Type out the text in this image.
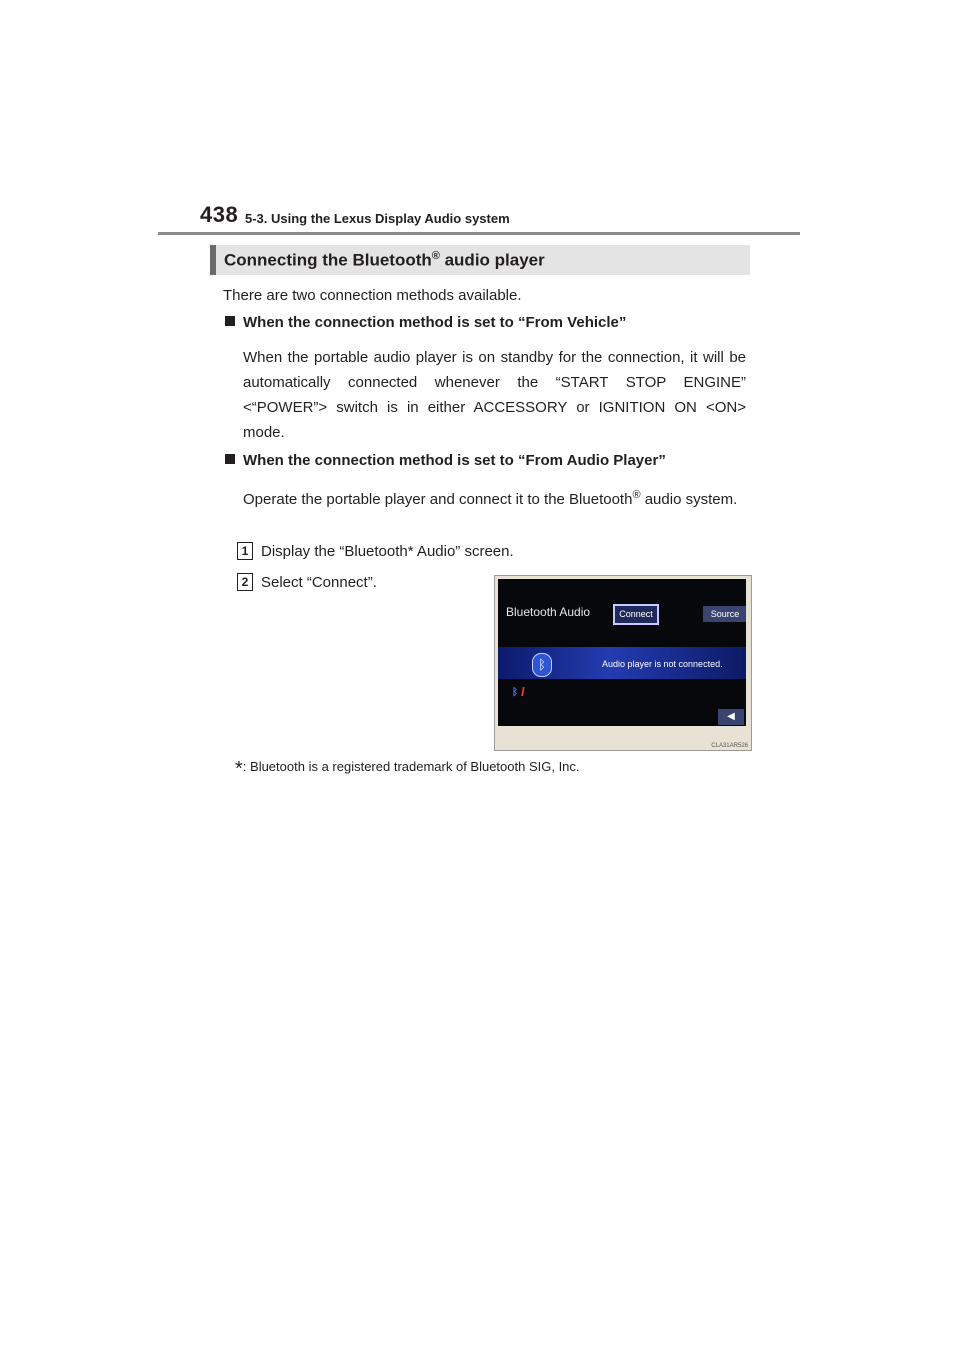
438 5-3. Using the Lexus Display Audio system
Connecting the Bluetooth® audio player
There are two connection methods available.
When the connection method is set to “From Vehicle”
When the portable audio player is on standby for the connection, it will be automatically connected whenever the “START STOP ENGINE” <“POWER”> switch is in either ACCESSORY or IGNITION ON <ON> mode.
When the connection method is set to “From Audio Player”
Operate the portable player and connect it to the Bluetooth® audio system.
1 Display the “Bluetooth* Audio” screen.
2 Select “Connect”.
Bluetooth Audio	Connect	Source
ᛒ	Audio player is not connected.
ᛒ l
◀
CLA31AR526
*: Bluetooth is a registered trademark of Bluetooth SIG, Inc.
